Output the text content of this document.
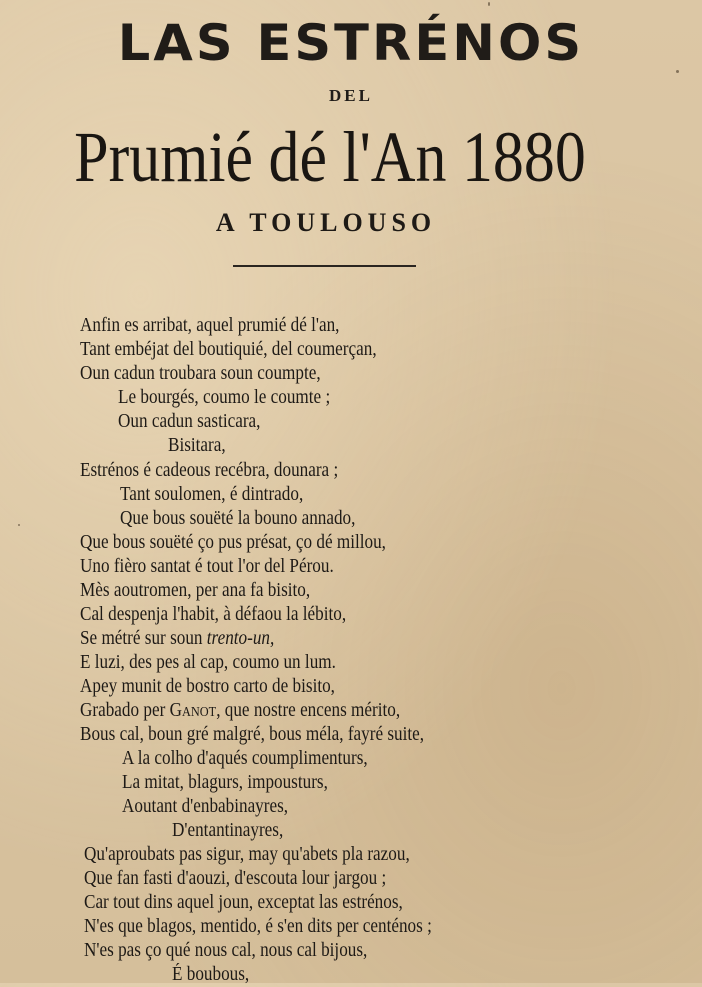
LAS ESTRÉNOS
DEL
Prumié dé l'An 1880
A TOULOUSO
Anfin es arribat, aquel prumié dé l'an,
Tant embéjat del boutiquié, del coumerçan,
Oun cadun troubara soun coumpte,
Le bourgés, coumo le coumte ;
Oun cadun sasticara,
Bisitara,
Estrénos é cadeous recébra, dounara ;
Tant soulomen, é dintrado,
Que bous souëté la bouno annado,
Que bous souëté ço pus présat, ço dé millou,
Uno fièro santat é tout l'or del Pérou.
Mès aoutromen, per ana fa bisito,
Cal despenja l'habit, à défaou la lébito,
Se métré sur soun trento-un,
E luzi, des pes al cap, coumo un lum.
Apey munit de bostro carto de bisito,
Grabado per Ganot, que nostre encens mérito,
Bous cal, boun gré malgré, bous méla, fayré suite,
A la colho d'aqués coumplimenturs,
La mitat, blagurs, impousturs,
Aoutant d'enbabinayres,
D'entantinayres,
Qu'aproubats pas sigur, may qu'abets pla razou,
Que fan fasti d'aouzi, d'escouta lour jargou ;
Car tout dins aquel joun, exceptat las estrénos,
N'es que blagos, mentido, é s'en dits per centénos ;
N'es pas ço qué nous cal, nous cal bijous,
É boubous,
